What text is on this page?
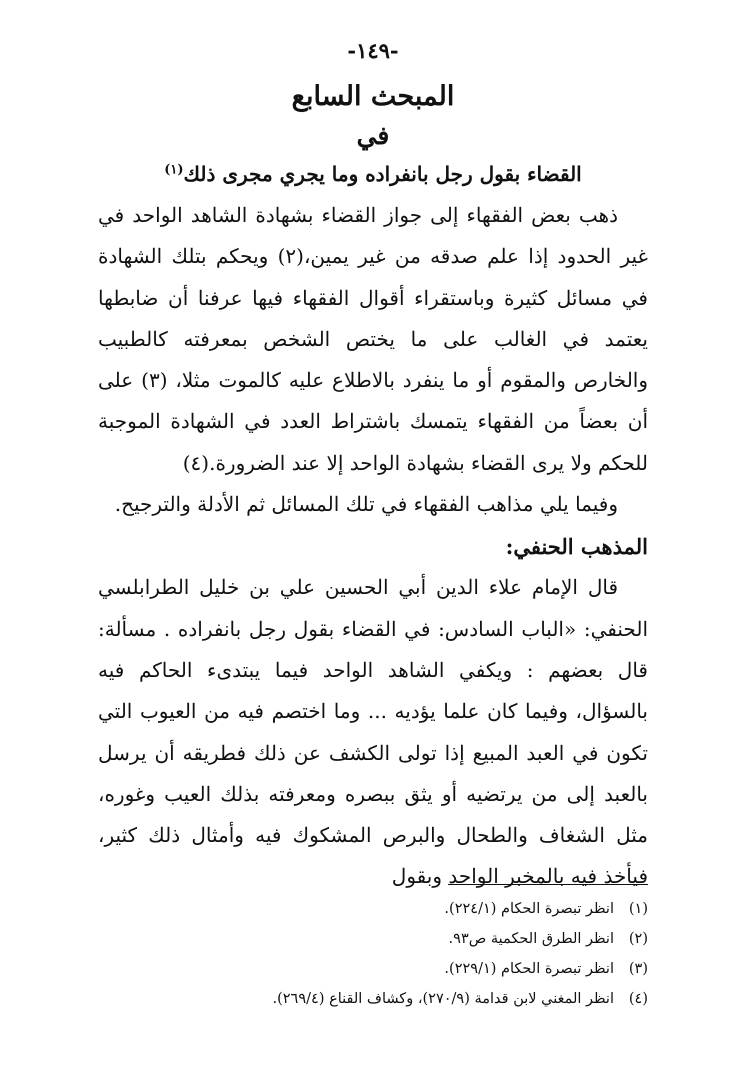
-١٤٩-
المبحث السابع
في
القضاء بقول رجل بانفراده وما يجري مجرى ذلك$^{(١)}$

ذهب بعض الفقهاء إلى جواز القضاء بشهادة الشاهد الواحد في غير الحدود إذا علم صدقه من غير يمين،(٢) ويحكم بتلك الشهادة في مسائل كثيرة وباستقراء أقوال الفقهاء فيها عرفنا أن ضابطها يعتمد في الغالب على ما يختص الشخص بمعرفته كالطبيب والخارص والمقوم أو ما ينفرد بالاطلاع عليه كالموت مثلا، (٣) على أن بعضاً من الفقهاء يتمسك باشتراط العدد في الشهادة الموجبة للحكم ولا يرى القضاء بشهادة الواحد إلا عند الضرورة.(٤)

وفيما يلي مذاهب الفقهاء في تلك المسائل ثم الأدلة والترجيح.

المذهب الحنفي:

قال الإمام علاء الدين أبي الحسين علي بن خليل الطرابلسي الحنفي: «الباب السادس: في القضاء بقول رجل بانفراده . مسألة: قال بعضهم : ويكفي الشاهد الواحد فيما يبتدىء الحاكم فيه بالسؤال، وفيما كان علما يؤديه ... وما اختصم فيه من العيوب التي تكون في العبد المبيع إذا تولى الكشف عن ذلك فطريقه أن يرسل بالعبد إلى من يرتضيه أو يثق ببصره ومعرفته بذلك العيب وغوره، مثل الشغاف والطحال والبرص المشكوك فيه وأمثال ذلك كثير، فيأخذ فيه بالمخبر الواحد وبقول

(١)انظر تبصرة الحكام (٢٢٤/١).
(٢)انظر الطرق الحكمية ص٩٣.
(٣)انظر تبصرة الحكام (٢٢٩/١).
(٤)انظر المغني لابن قدامة (٢٧٠/٩)، وكشاف القناع (٢٦٩/٤).
